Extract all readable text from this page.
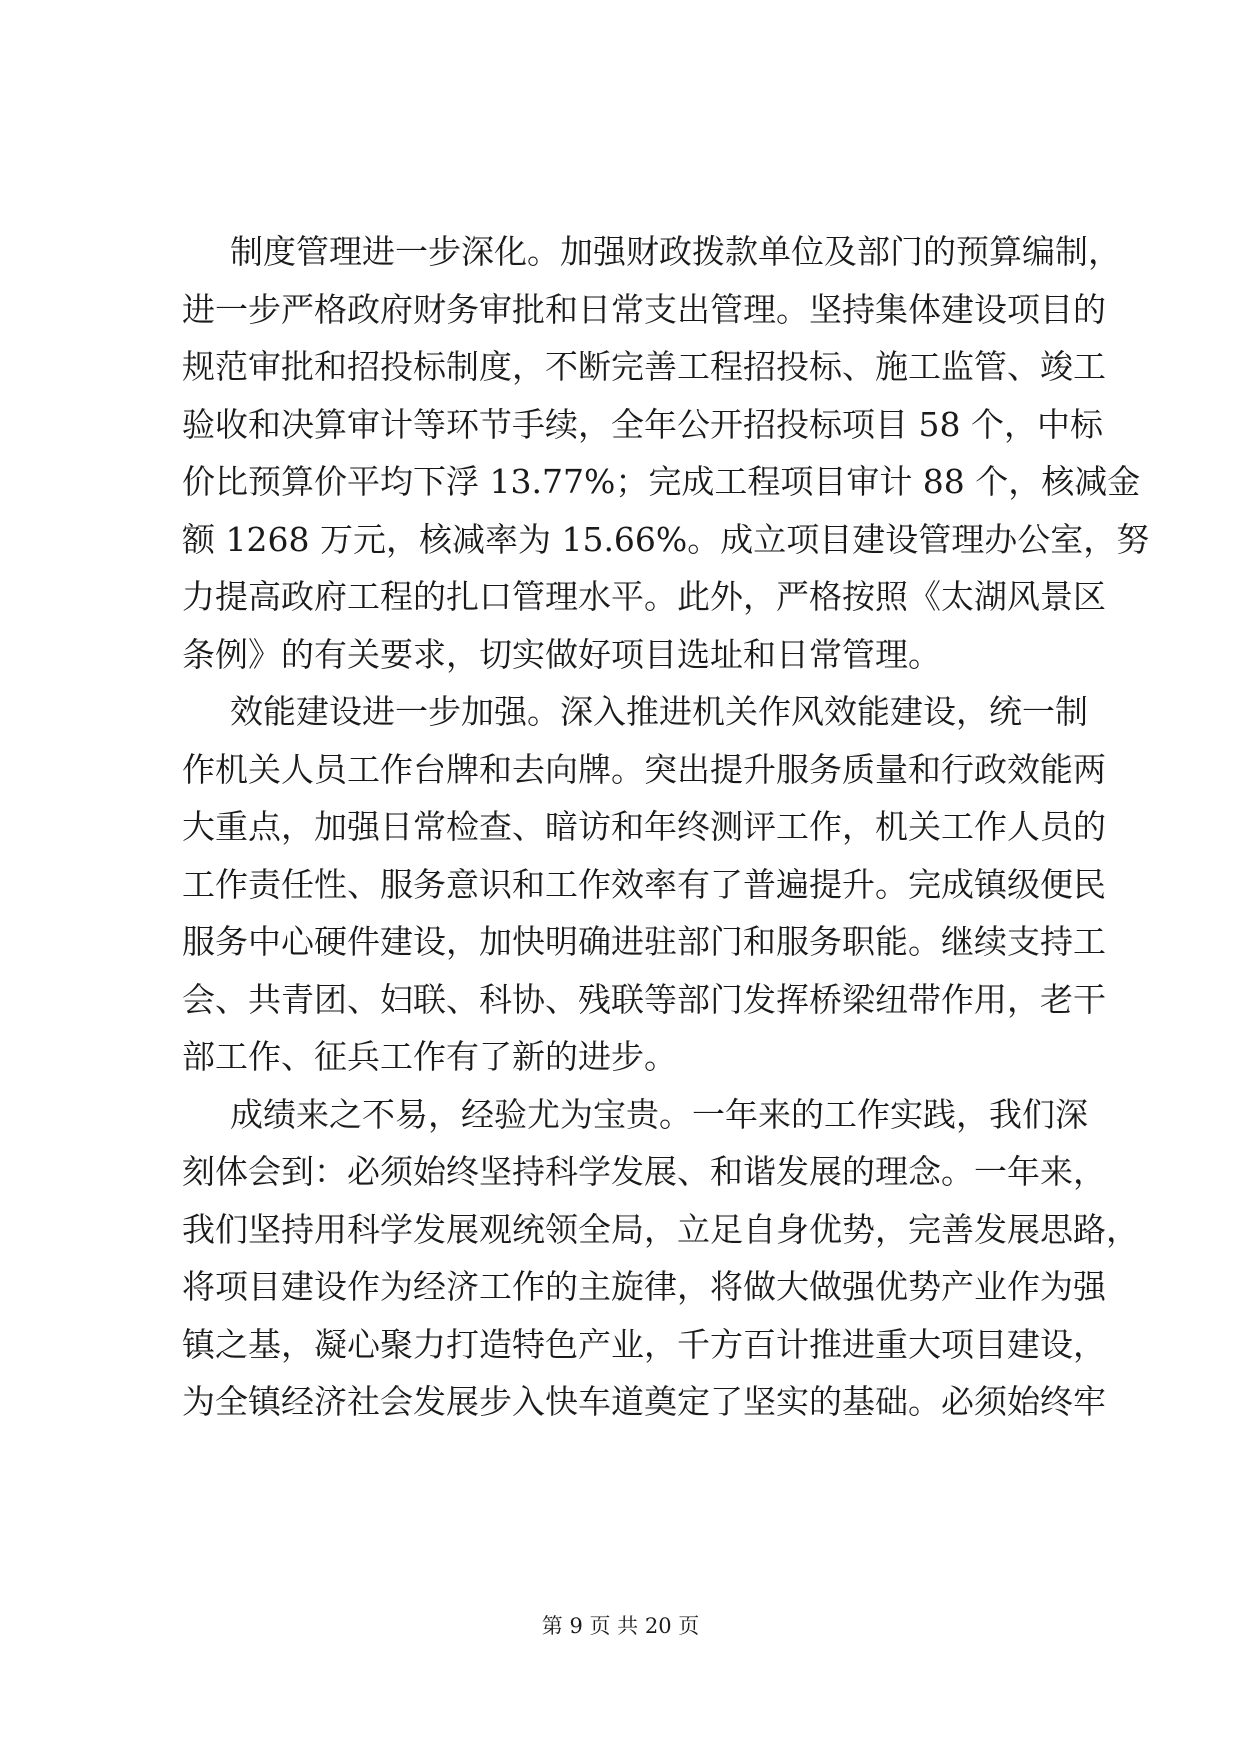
制度管理进一步深化。加强财政拨款单位及部门的预算编制，
进一步严格政府财务审批和日常支出管理。坚持集体建设项目的
规范审批和招投标制度，不断完善工程招投标、施工监管、竣工
验收和决算审计等环节手续，全年公开招投标项目 58 个，中标
价比预算价平均下浮 13.77%；完成工程项目审计 88 个，核减金
额 1268 万元，核减率为 15.66%。成立项目建设管理办公室，努
力提高政府工程的扎口管理水平。此外，严格按照《太湖风景区
条例》的有关要求，切实做好项目选址和日常管理。
效能建设进一步加强。深入推进机关作风效能建设，统一制
作机关人员工作台牌和去向牌。突出提升服务质量和行政效能两
大重点，加强日常检查、暗访和年终测评工作，机关工作人员的
工作责任性、服务意识和工作效率有了普遍提升。完成镇级便民
服务中心硬件建设，加快明确进驻部门和服务职能。继续支持工
会、共青团、妇联、科协、残联等部门发挥桥梁纽带作用，老干
部工作、征兵工作有了新的进步。
成绩来之不易，经验尤为宝贵。一年来的工作实践，我们深
刻体会到：必须始终坚持科学发展、和谐发展的理念。一年来，
我们坚持用科学发展观统领全局，立足自身优势，完善发展思路，
将项目建设作为经济工作的主旋律，将做大做强优势产业作为强
镇之基，凝心聚力打造特色产业，千方百计推进重大项目建设，
为全镇经济社会发展步入快车道奠定了坚实的基础。必须始终牢
第 9 页 共 20 页
